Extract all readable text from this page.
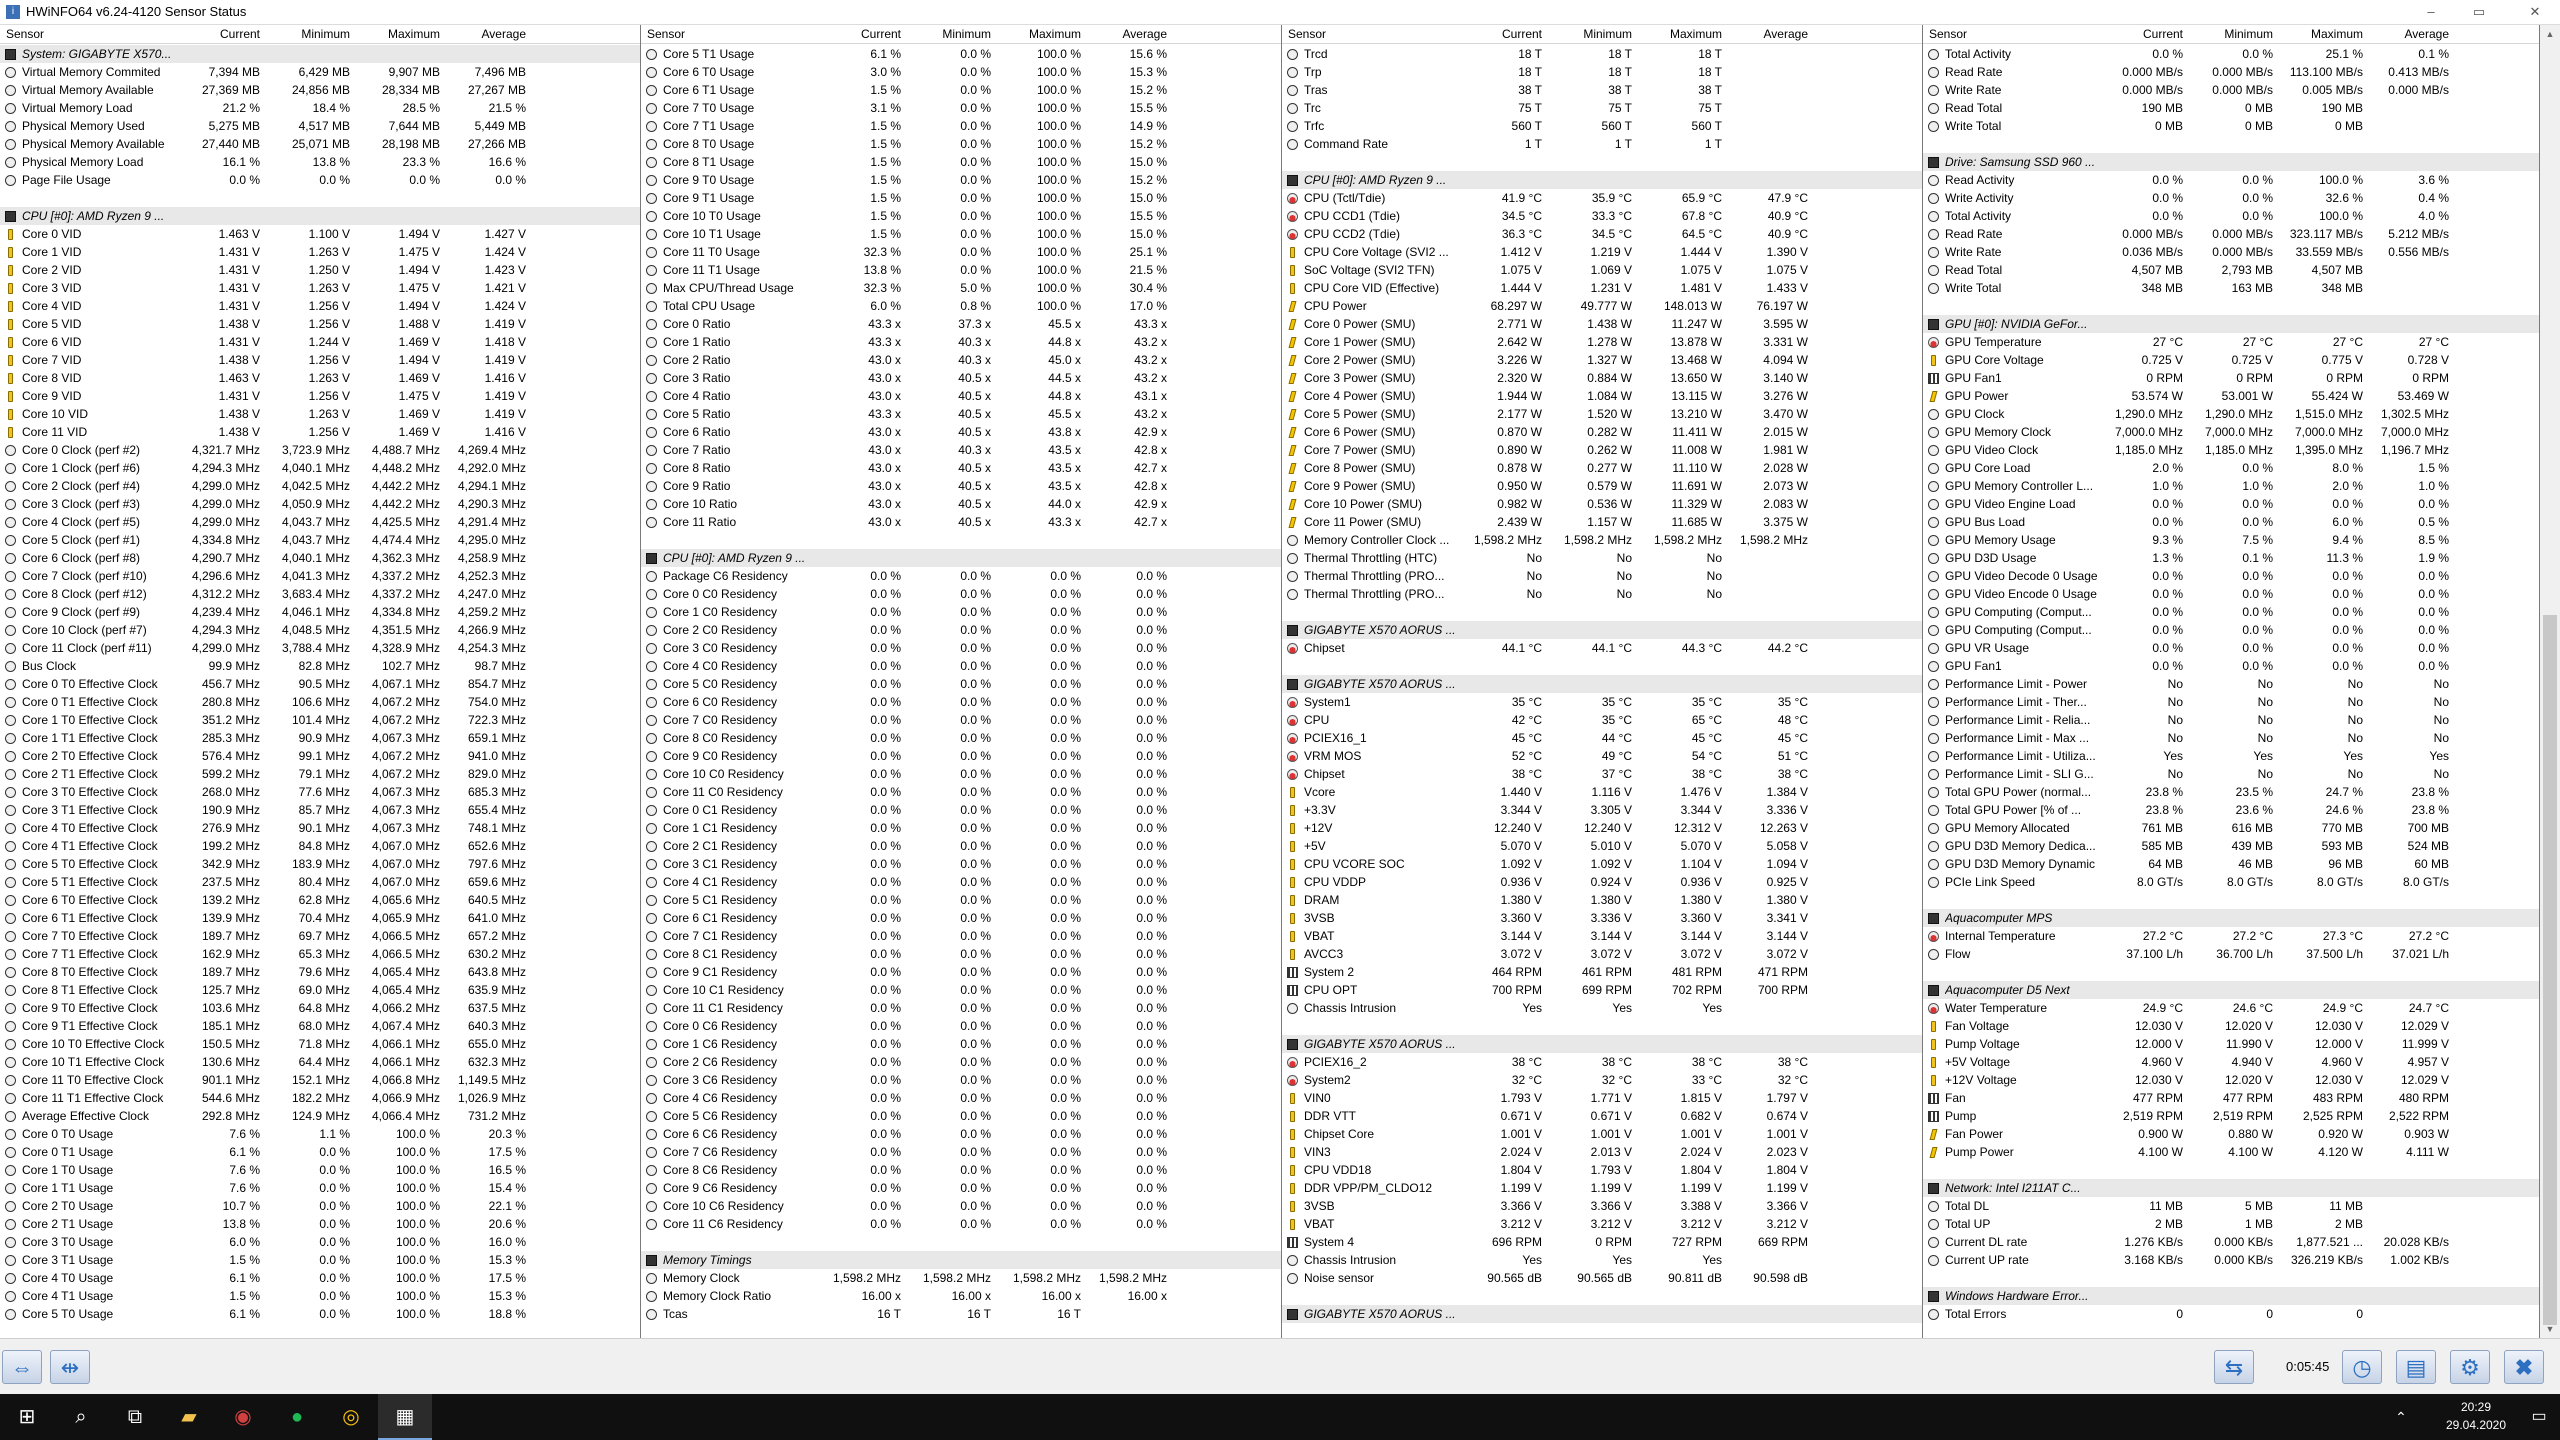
i HWiNFO64 v6.24-4120 Sensor Status	–	▭	✕
Sensor	Current	Minimum	Maximum	Average
System: GIGABYTE X570...
Virtual Memory Commited	7,394 MB	6,429 MB	9,907 MB	7,496 MB
Virtual Memory Available	27,369 MB	24,856 MB	28,334 MB	27,267 MB
Virtual Memory Load	21.2 %	18.4 %	28.5 %	21.5 %
Physical Memory Used	5,275 MB	4,517 MB	7,644 MB	5,449 MB
Physical Memory Available	27,440 MB	25,071 MB	28,198 MB	27,266 MB
Physical Memory Load	16.1 %	13.8 %	23.3 %	16.6 %
Page File Usage	0.0 %	0.0 %	0.0 %	0.0 %
CPU [#0]: AMD Ryzen 9 ...
Core 0 VID	1.463 V	1.100 V	1.494 V	1.427 V
Core 1 VID	1.431 V	1.263 V	1.475 V	1.424 V
Core 2 VID	1.431 V	1.250 V	1.494 V	1.423 V
Core 3 VID	1.431 V	1.263 V	1.475 V	1.421 V
Core 4 VID	1.431 V	1.256 V	1.494 V	1.424 V
Core 5 VID	1.438 V	1.256 V	1.488 V	1.419 V
Core 6 VID	1.431 V	1.244 V	1.469 V	1.418 V
Core 7 VID	1.438 V	1.256 V	1.494 V	1.419 V
Core 8 VID	1.463 V	1.263 V	1.469 V	1.416 V
Core 9 VID	1.431 V	1.256 V	1.475 V	1.419 V
Core 10 VID	1.438 V	1.263 V	1.469 V	1.419 V
Core 11 VID	1.438 V	1.256 V	1.469 V	1.416 V
Core 0 Clock (perf #2)	4,321.7 MHz	3,723.9 MHz	4,488.7 MHz	4,269.4 MHz
Core 1 Clock (perf #6)	4,294.3 MHz	4,040.1 MHz	4,448.2 MHz	4,292.0 MHz
Core 2 Clock (perf #4)	4,299.0 MHz	4,042.5 MHz	4,442.2 MHz	4,294.1 MHz
Core 3 Clock (perf #3)	4,299.0 MHz	4,050.9 MHz	4,442.2 MHz	4,290.3 MHz
Core 4 Clock (perf #5)	4,299.0 MHz	4,043.7 MHz	4,425.5 MHz	4,291.4 MHz
Core 5 Clock (perf #1)	4,334.8 MHz	4,043.7 MHz	4,474.4 MHz	4,295.0 MHz
Core 6 Clock (perf #8)	4,290.7 MHz	4,040.1 MHz	4,362.3 MHz	4,258.9 MHz
Core 7 Clock (perf #10)	4,296.6 MHz	4,041.3 MHz	4,337.2 MHz	4,252.3 MHz
Core 8 Clock (perf #12)	4,312.2 MHz	3,683.4 MHz	4,337.2 MHz	4,247.0 MHz
Core 9 Clock (perf #9)	4,239.4 MHz	4,046.1 MHz	4,334.8 MHz	4,259.2 MHz
Core 10 Clock (perf #7)	4,294.3 MHz	4,048.5 MHz	4,351.5 MHz	4,266.9 MHz
Core 11 Clock (perf #11)	4,299.0 MHz	3,788.4 MHz	4,328.9 MHz	4,254.3 MHz
Bus Clock	99.9 MHz	82.8 MHz	102.7 MHz	98.7 MHz
Core 0 T0 Effective Clock	456.7 MHz	90.5 MHz	4,067.1 MHz	854.7 MHz
Core 0 T1 Effective Clock	280.8 MHz	106.6 MHz	4,067.2 MHz	754.0 MHz
Core 1 T0 Effective Clock	351.2 MHz	101.4 MHz	4,067.2 MHz	722.3 MHz
Core 1 T1 Effective Clock	285.3 MHz	90.9 MHz	4,067.3 MHz	659.1 MHz
Core 2 T0 Effective Clock	576.4 MHz	99.1 MHz	4,067.2 MHz	941.0 MHz
Core 2 T1 Effective Clock	599.2 MHz	79.1 MHz	4,067.2 MHz	829.0 MHz
Core 3 T0 Effective Clock	268.0 MHz	77.6 MHz	4,067.3 MHz	685.3 MHz
Core 3 T1 Effective Clock	190.9 MHz	85.7 MHz	4,067.3 MHz	655.4 MHz
Core 4 T0 Effective Clock	276.9 MHz	90.1 MHz	4,067.3 MHz	748.1 MHz
Core 4 T1 Effective Clock	199.2 MHz	84.8 MHz	4,067.0 MHz	652.6 MHz
Core 5 T0 Effective Clock	342.9 MHz	183.9 MHz	4,067.0 MHz	797.6 MHz
Core 5 T1 Effective Clock	237.5 MHz	80.4 MHz	4,067.0 MHz	659.6 MHz
Core 6 T0 Effective Clock	139.2 MHz	62.8 MHz	4,065.6 MHz	640.5 MHz
Core 6 T1 Effective Clock	139.9 MHz	70.4 MHz	4,065.9 MHz	641.0 MHz
Core 7 T0 Effective Clock	189.7 MHz	69.7 MHz	4,066.5 MHz	657.2 MHz
Core 7 T1 Effective Clock	162.9 MHz	65.3 MHz	4,066.5 MHz	630.2 MHz
Core 8 T0 Effective Clock	189.7 MHz	79.6 MHz	4,065.4 MHz	643.8 MHz
Core 8 T1 Effective Clock	125.7 MHz	69.0 MHz	4,065.4 MHz	635.9 MHz
Core 9 T0 Effective Clock	103.6 MHz	64.8 MHz	4,066.2 MHz	637.5 MHz
Core 9 T1 Effective Clock	185.1 MHz	68.0 MHz	4,067.4 MHz	640.3 MHz
Core 10 T0 Effective Clock	150.5 MHz	71.8 MHz	4,066.1 MHz	655.0 MHz
Core 10 T1 Effective Clock	130.6 MHz	64.4 MHz	4,066.1 MHz	632.3 MHz
Core 11 T0 Effective Clock	901.1 MHz	152.1 MHz	4,066.8 MHz	1,149.5 MHz
Core 11 T1 Effective Clock	544.6 MHz	182.2 MHz	4,066.9 MHz	1,026.9 MHz
Average Effective Clock	292.8 MHz	124.9 MHz	4,066.4 MHz	731.2 MHz
Core 0 T0 Usage	7.6 %	1.1 %	100.0 %	20.3 %
Core 0 T1 Usage	6.1 %	0.0 %	100.0 %	17.5 %
Core 1 T0 Usage	7.6 %	0.0 %	100.0 %	16.5 %
Core 1 T1 Usage	7.6 %	0.0 %	100.0 %	15.4 %
Core 2 T0 Usage	10.7 %	0.0 %	100.0 %	22.1 %
Core 2 T1 Usage	13.8 %	0.0 %	100.0 %	20.6 %
Core 3 T0 Usage	6.0 %	0.0 %	100.0 %	16.0 %
Core 3 T1 Usage	1.5 %	0.0 %	100.0 %	15.3 %
Core 4 T0 Usage	6.1 %	0.0 %	100.0 %	17.5 %
Core 4 T1 Usage	1.5 %	0.0 %	100.0 %	15.3 %
Core 5 T0 Usage	6.1 %	0.0 %	100.0 %	18.8 %
Sensor	Current	Minimum	Maximum	Average
Core 5 T1 Usage	6.1 %	0.0 %	100.0 %	15.6 %
Core 6 T0 Usage	3.0 %	0.0 %	100.0 %	15.3 %
Core 6 T1 Usage	1.5 %	0.0 %	100.0 %	15.2 %
Core 7 T0 Usage	3.1 %	0.0 %	100.0 %	15.5 %
Core 7 T1 Usage	1.5 %	0.0 %	100.0 %	14.9 %
Core 8 T0 Usage	1.5 %	0.0 %	100.0 %	15.2 %
Core 8 T1 Usage	1.5 %	0.0 %	100.0 %	15.0 %
Core 9 T0 Usage	1.5 %	0.0 %	100.0 %	15.2 %
Core 9 T1 Usage	1.5 %	0.0 %	100.0 %	15.0 %
Core 10 T0 Usage	1.5 %	0.0 %	100.0 %	15.5 %
Core 10 T1 Usage	1.5 %	0.0 %	100.0 %	15.0 %
Core 11 T0 Usage	32.3 %	0.0 %	100.0 %	25.1 %
Core 11 T1 Usage	13.8 %	0.0 %	100.0 %	21.5 %
Max CPU/Thread Usage	32.3 %	5.0 %	100.0 %	30.4 %
Total CPU Usage	6.0 %	0.8 %	100.0 %	17.0 %
Core 0 Ratio	43.3 x	37.3 x	45.5 x	43.3 x
Core 1 Ratio	43.3 x	40.3 x	44.8 x	43.2 x
Core 2 Ratio	43.0 x	40.3 x	45.0 x	43.2 x
Core 3 Ratio	43.0 x	40.5 x	44.5 x	43.2 x
Core 4 Ratio	43.0 x	40.5 x	44.8 x	43.1 x
Core 5 Ratio	43.3 x	40.5 x	45.5 x	43.2 x
Core 6 Ratio	43.0 x	40.5 x	43.8 x	42.9 x
Core 7 Ratio	43.0 x	40.3 x	43.5 x	42.8 x
Core 8 Ratio	43.0 x	40.5 x	43.5 x	42.7 x
Core 9 Ratio	43.0 x	40.5 x	43.5 x	42.8 x
Core 10 Ratio	43.0 x	40.5 x	44.0 x	42.9 x
Core 11 Ratio	43.0 x	40.5 x	43.3 x	42.7 x
CPU [#0]: AMD Ryzen 9 ...
Package C6 Residency	0.0 %	0.0 %	0.0 %	0.0 %
Core 0 C0 Residency	0.0 %	0.0 %	0.0 %	0.0 %
Core 1 C0 Residency	0.0 %	0.0 %	0.0 %	0.0 %
Core 2 C0 Residency	0.0 %	0.0 %	0.0 %	0.0 %
Core 3 C0 Residency	0.0 %	0.0 %	0.0 %	0.0 %
Core 4 C0 Residency	0.0 %	0.0 %	0.0 %	0.0 %
Core 5 C0 Residency	0.0 %	0.0 %	0.0 %	0.0 %
Core 6 C0 Residency	0.0 %	0.0 %	0.0 %	0.0 %
Core 7 C0 Residency	0.0 %	0.0 %	0.0 %	0.0 %
Core 8 C0 Residency	0.0 %	0.0 %	0.0 %	0.0 %
Core 9 C0 Residency	0.0 %	0.0 %	0.0 %	0.0 %
Core 10 C0 Residency	0.0 %	0.0 %	0.0 %	0.0 %
Core 11 C0 Residency	0.0 %	0.0 %	0.0 %	0.0 %
Core 0 C1 Residency	0.0 %	0.0 %	0.0 %	0.0 %
Core 1 C1 Residency	0.0 %	0.0 %	0.0 %	0.0 %
Core 2 C1 Residency	0.0 %	0.0 %	0.0 %	0.0 %
Core 3 C1 Residency	0.0 %	0.0 %	0.0 %	0.0 %
Core 4 C1 Residency	0.0 %	0.0 %	0.0 %	0.0 %
Core 5 C1 Residency	0.0 %	0.0 %	0.0 %	0.0 %
Core 6 C1 Residency	0.0 %	0.0 %	0.0 %	0.0 %
Core 7 C1 Residency	0.0 %	0.0 %	0.0 %	0.0 %
Core 8 C1 Residency	0.0 %	0.0 %	0.0 %	0.0 %
Core 9 C1 Residency	0.0 %	0.0 %	0.0 %	0.0 %
Core 10 C1 Residency	0.0 %	0.0 %	0.0 %	0.0 %
Core 11 C1 Residency	0.0 %	0.0 %	0.0 %	0.0 %
Core 0 C6 Residency	0.0 %	0.0 %	0.0 %	0.0 %
Core 1 C6 Residency	0.0 %	0.0 %	0.0 %	0.0 %
Core 2 C6 Residency	0.0 %	0.0 %	0.0 %	0.0 %
Core 3 C6 Residency	0.0 %	0.0 %	0.0 %	0.0 %
Core 4 C6 Residency	0.0 %	0.0 %	0.0 %	0.0 %
Core 5 C6 Residency	0.0 %	0.0 %	0.0 %	0.0 %
Core 6 C6 Residency	0.0 %	0.0 %	0.0 %	0.0 %
Core 7 C6 Residency	0.0 %	0.0 %	0.0 %	0.0 %
Core 8 C6 Residency	0.0 %	0.0 %	0.0 %	0.0 %
Core 9 C6 Residency	0.0 %	0.0 %	0.0 %	0.0 %
Core 10 C6 Residency	0.0 %	0.0 %	0.0 %	0.0 %
Core 11 C6 Residency	0.0 %	0.0 %	0.0 %	0.0 %
Memory Timings
Memory Clock	1,598.2 MHz	1,598.2 MHz	1,598.2 MHz	1,598.2 MHz
Memory Clock Ratio	16.00 x	16.00 x	16.00 x	16.00 x
Tcas	16 T	16 T	16 T
Sensor	Current	Minimum	Maximum	Average
Trcd	18 T	18 T	18 T
Trp	18 T	18 T	18 T
Tras	38 T	38 T	38 T
Trc	75 T	75 T	75 T
Trfc	560 T	560 T	560 T
Command Rate	1 T	1 T	1 T
CPU [#0]: AMD Ryzen 9 ...
CPU (Tctl/Tdie)	41.9 °C	35.9 °C	65.9 °C	47.9 °C
CPU CCD1 (Tdie)	34.5 °C	33.3 °C	67.8 °C	40.9 °C
CPU CCD2 (Tdie)	36.3 °C	34.5 °C	64.5 °C	40.9 °C
CPU Core Voltage (SVI2 ...	1.412 V	1.219 V	1.444 V	1.390 V
SoC Voltage (SVI2 TFN)	1.075 V	1.069 V	1.075 V	1.075 V
CPU Core VID (Effective)	1.444 V	1.231 V	1.481 V	1.433 V
CPU Power	68.297 W	49.777 W	148.013 W	76.197 W
Core 0 Power (SMU)	2.771 W	1.438 W	11.247 W	3.595 W
Core 1 Power (SMU)	2.642 W	1.278 W	13.878 W	3.331 W
Core 2 Power (SMU)	3.226 W	1.327 W	13.468 W	4.094 W
Core 3 Power (SMU)	2.320 W	0.884 W	13.650 W	3.140 W
Core 4 Power (SMU)	1.944 W	1.084 W	13.115 W	3.276 W
Core 5 Power (SMU)	2.177 W	1.520 W	13.210 W	3.470 W
Core 6 Power (SMU)	0.870 W	0.282 W	11.411 W	2.015 W
Core 7 Power (SMU)	0.890 W	0.262 W	11.008 W	1.981 W
Core 8 Power (SMU)	0.878 W	0.277 W	11.110 W	2.028 W
Core 9 Power (SMU)	0.950 W	0.579 W	11.691 W	2.073 W
Core 10 Power (SMU)	0.982 W	0.536 W	11.329 W	2.083 W
Core 11 Power (SMU)	2.439 W	1.157 W	11.685 W	3.375 W
Memory Controller Clock ...	1,598.2 MHz	1,598.2 MHz	1,598.2 MHz	1,598.2 MHz
Thermal Throttling (HTC)	No	No	No
Thermal Throttling (PRO...	No	No	No
Thermal Throttling (PRO...	No	No	No
GIGABYTE X570 AORUS ...
Chipset	44.1 °C	44.1 °C	44.3 °C	44.2 °C
GIGABYTE X570 AORUS ...
System1	35 °C	35 °C	35 °C	35 °C
CPU	42 °C	35 °C	65 °C	48 °C
PCIEX16_1	45 °C	44 °C	45 °C	45 °C
VRM MOS	52 °C	49 °C	54 °C	51 °C
Chipset	38 °C	37 °C	38 °C	38 °C
Vcore	1.440 V	1.116 V	1.476 V	1.384 V
+3.3V	3.344 V	3.305 V	3.344 V	3.336 V
+12V	12.240 V	12.240 V	12.312 V	12.263 V
+5V	5.070 V	5.010 V	5.070 V	5.058 V
CPU VCORE SOC	1.092 V	1.092 V	1.104 V	1.094 V
CPU VDDP	0.936 V	0.924 V	0.936 V	0.925 V
DRAM	1.380 V	1.380 V	1.380 V	1.380 V
3VSB	3.360 V	3.336 V	3.360 V	3.341 V
VBAT	3.144 V	3.144 V	3.144 V	3.144 V
AVCC3	3.072 V	3.072 V	3.072 V	3.072 V
System 2	464 RPM	461 RPM	481 RPM	471 RPM
CPU OPT	700 RPM	699 RPM	702 RPM	700 RPM
Chassis Intrusion	Yes	Yes	Yes
GIGABYTE X570 AORUS ...
PCIEX16_2	38 °C	38 °C	38 °C	38 °C
System2	32 °C	32 °C	33 °C	32 °C
VIN0	1.793 V	1.771 V	1.815 V	1.797 V
DDR VTT	0.671 V	0.671 V	0.682 V	0.674 V
Chipset Core	1.001 V	1.001 V	1.001 V	1.001 V
VIN3	2.024 V	2.013 V	2.024 V	2.023 V
CPU VDD18	1.804 V	1.793 V	1.804 V	1.804 V
DDR VPP/PM_CLDO12	1.199 V	1.199 V	1.199 V	1.199 V
3VSB	3.366 V	3.366 V	3.388 V	3.366 V
VBAT	3.212 V	3.212 V	3.212 V	3.212 V
System 4	696 RPM	0 RPM	727 RPM	669 RPM
Chassis Intrusion	Yes	Yes	Yes
Noise sensor	90.565 dB	90.565 dB	90.811 dB	90.598 dB
GIGABYTE X570 AORUS ...
Sensor	Current	Minimum	Maximum	Average
Total Activity	0.0 %	0.0 %	25.1 %	0.1 %
Read Rate	0.000 MB/s	0.000 MB/s	113.100 MB/s	0.413 MB/s
Write Rate	0.000 MB/s	0.000 MB/s	0.005 MB/s	0.000 MB/s
Read Total	190 MB	0 MB	190 MB
Write Total	0 MB	0 MB	0 MB
Drive: Samsung SSD 960 ...
Read Activity	0.0 %	0.0 %	100.0 %	3.6 %
Write Activity	0.0 %	0.0 %	32.6 %	0.4 %
Total Activity	0.0 %	0.0 %	100.0 %	4.0 %
Read Rate	0.000 MB/s	0.000 MB/s	323.117 MB/s	5.212 MB/s
Write Rate	0.036 MB/s	0.000 MB/s	33.559 MB/s	0.556 MB/s
Read Total	4,507 MB	2,793 MB	4,507 MB
Write Total	348 MB	163 MB	348 MB
GPU [#0]: NVIDIA GeFor...
GPU Temperature	27 °C	27 °C	27 °C	27 °C
GPU Core Voltage	0.725 V	0.725 V	0.775 V	0.728 V
GPU Fan1	0 RPM	0 RPM	0 RPM	0 RPM
GPU Power	53.574 W	53.001 W	55.424 W	53.469 W
GPU Clock	1,290.0 MHz	1,290.0 MHz	1,515.0 MHz	1,302.5 MHz
GPU Memory Clock	7,000.0 MHz	7,000.0 MHz	7,000.0 MHz	7,000.0 MHz
GPU Video Clock	1,185.0 MHz	1,185.0 MHz	1,395.0 MHz	1,196.7 MHz
GPU Core Load	2.0 %	0.0 %	8.0 %	1.5 %
GPU Memory Controller L...	1.0 %	1.0 %	2.0 %	1.0 %
GPU Video Engine Load	0.0 %	0.0 %	0.0 %	0.0 %
GPU Bus Load	0.0 %	0.0 %	6.0 %	0.5 %
GPU Memory Usage	9.3 %	7.5 %	9.4 %	8.5 %
GPU D3D Usage	1.3 %	0.1 %	11.3 %	1.9 %
GPU Video Decode 0 Usage	0.0 %	0.0 %	0.0 %	0.0 %
GPU Video Encode 0 Usage	0.0 %	0.0 %	0.0 %	0.0 %
GPU Computing (Comput...	0.0 %	0.0 %	0.0 %	0.0 %
GPU Computing (Comput...	0.0 %	0.0 %	0.0 %	0.0 %
GPU VR Usage	0.0 %	0.0 %	0.0 %	0.0 %
GPU Fan1	0.0 %	0.0 %	0.0 %	0.0 %
Performance Limit - Power	No	No	No	No
Performance Limit - Ther...	No	No	No	No
Performance Limit - Relia...	No	No	No	No
Performance Limit - Max ...	No	No	No	No
Performance Limit - Utiliza...	Yes	Yes	Yes	Yes
Performance Limit - SLI G...	No	No	No	No
Total GPU Power (normal...	23.8 %	23.5 %	24.7 %	23.8 %
Total GPU Power [% of ...	23.8 %	23.6 %	24.6 %	23.8 %
GPU Memory Allocated	761 MB	616 MB	770 MB	700 MB
GPU D3D Memory Dedica...	585 MB	439 MB	593 MB	524 MB
GPU D3D Memory Dynamic	64 MB	46 MB	96 MB	60 MB
PCIe Link Speed	8.0 GT/s	8.0 GT/s	8.0 GT/s	8.0 GT/s
Aquacomputer MPS
Internal Temperature	27.2 °C	27.2 °C	27.3 °C	27.2 °C
Flow	37.100 L/h	36.700 L/h	37.500 L/h	37.021 L/h
Aquacomputer D5 Next
Water Temperature	24.9 °C	24.6 °C	24.9 °C	24.7 °C
Fan Voltage	12.030 V	12.020 V	12.030 V	12.029 V
Pump Voltage	12.000 V	11.990 V	12.000 V	11.999 V
+5V Voltage	4.960 V	4.940 V	4.960 V	4.957 V
+12V Voltage	12.030 V	12.020 V	12.030 V	12.029 V
Fan	477 RPM	477 RPM	483 RPM	480 RPM
Pump	2,519 RPM	2,519 RPM	2,525 RPM	2,522 RPM
Fan Power	0.900 W	0.880 W	0.920 W	0.903 W
Pump Power	4.100 W	4.100 W	4.120 W	4.111 W
Network: Intel I211AT C...
Total DL	11 MB	5 MB	11 MB
Total UP	2 MB	1 MB	2 MB
Current DL rate	1.276 KB/s	0.000 KB/s	1,877.521 ...	20.028 KB/s
Current UP rate	3.168 KB/s	0.000 KB/s	326.219 KB/s	1.002 KB/s
Windows Hardware Error...
Total Errors	0	0	0
▲
▼
⇔	⇹	⇆	0:05:45	◷	▤	⚙	✖
⊞	⌕	⧉	▰	◉	●	◎	▦	⌃
20:29
29.04.2020	▭
